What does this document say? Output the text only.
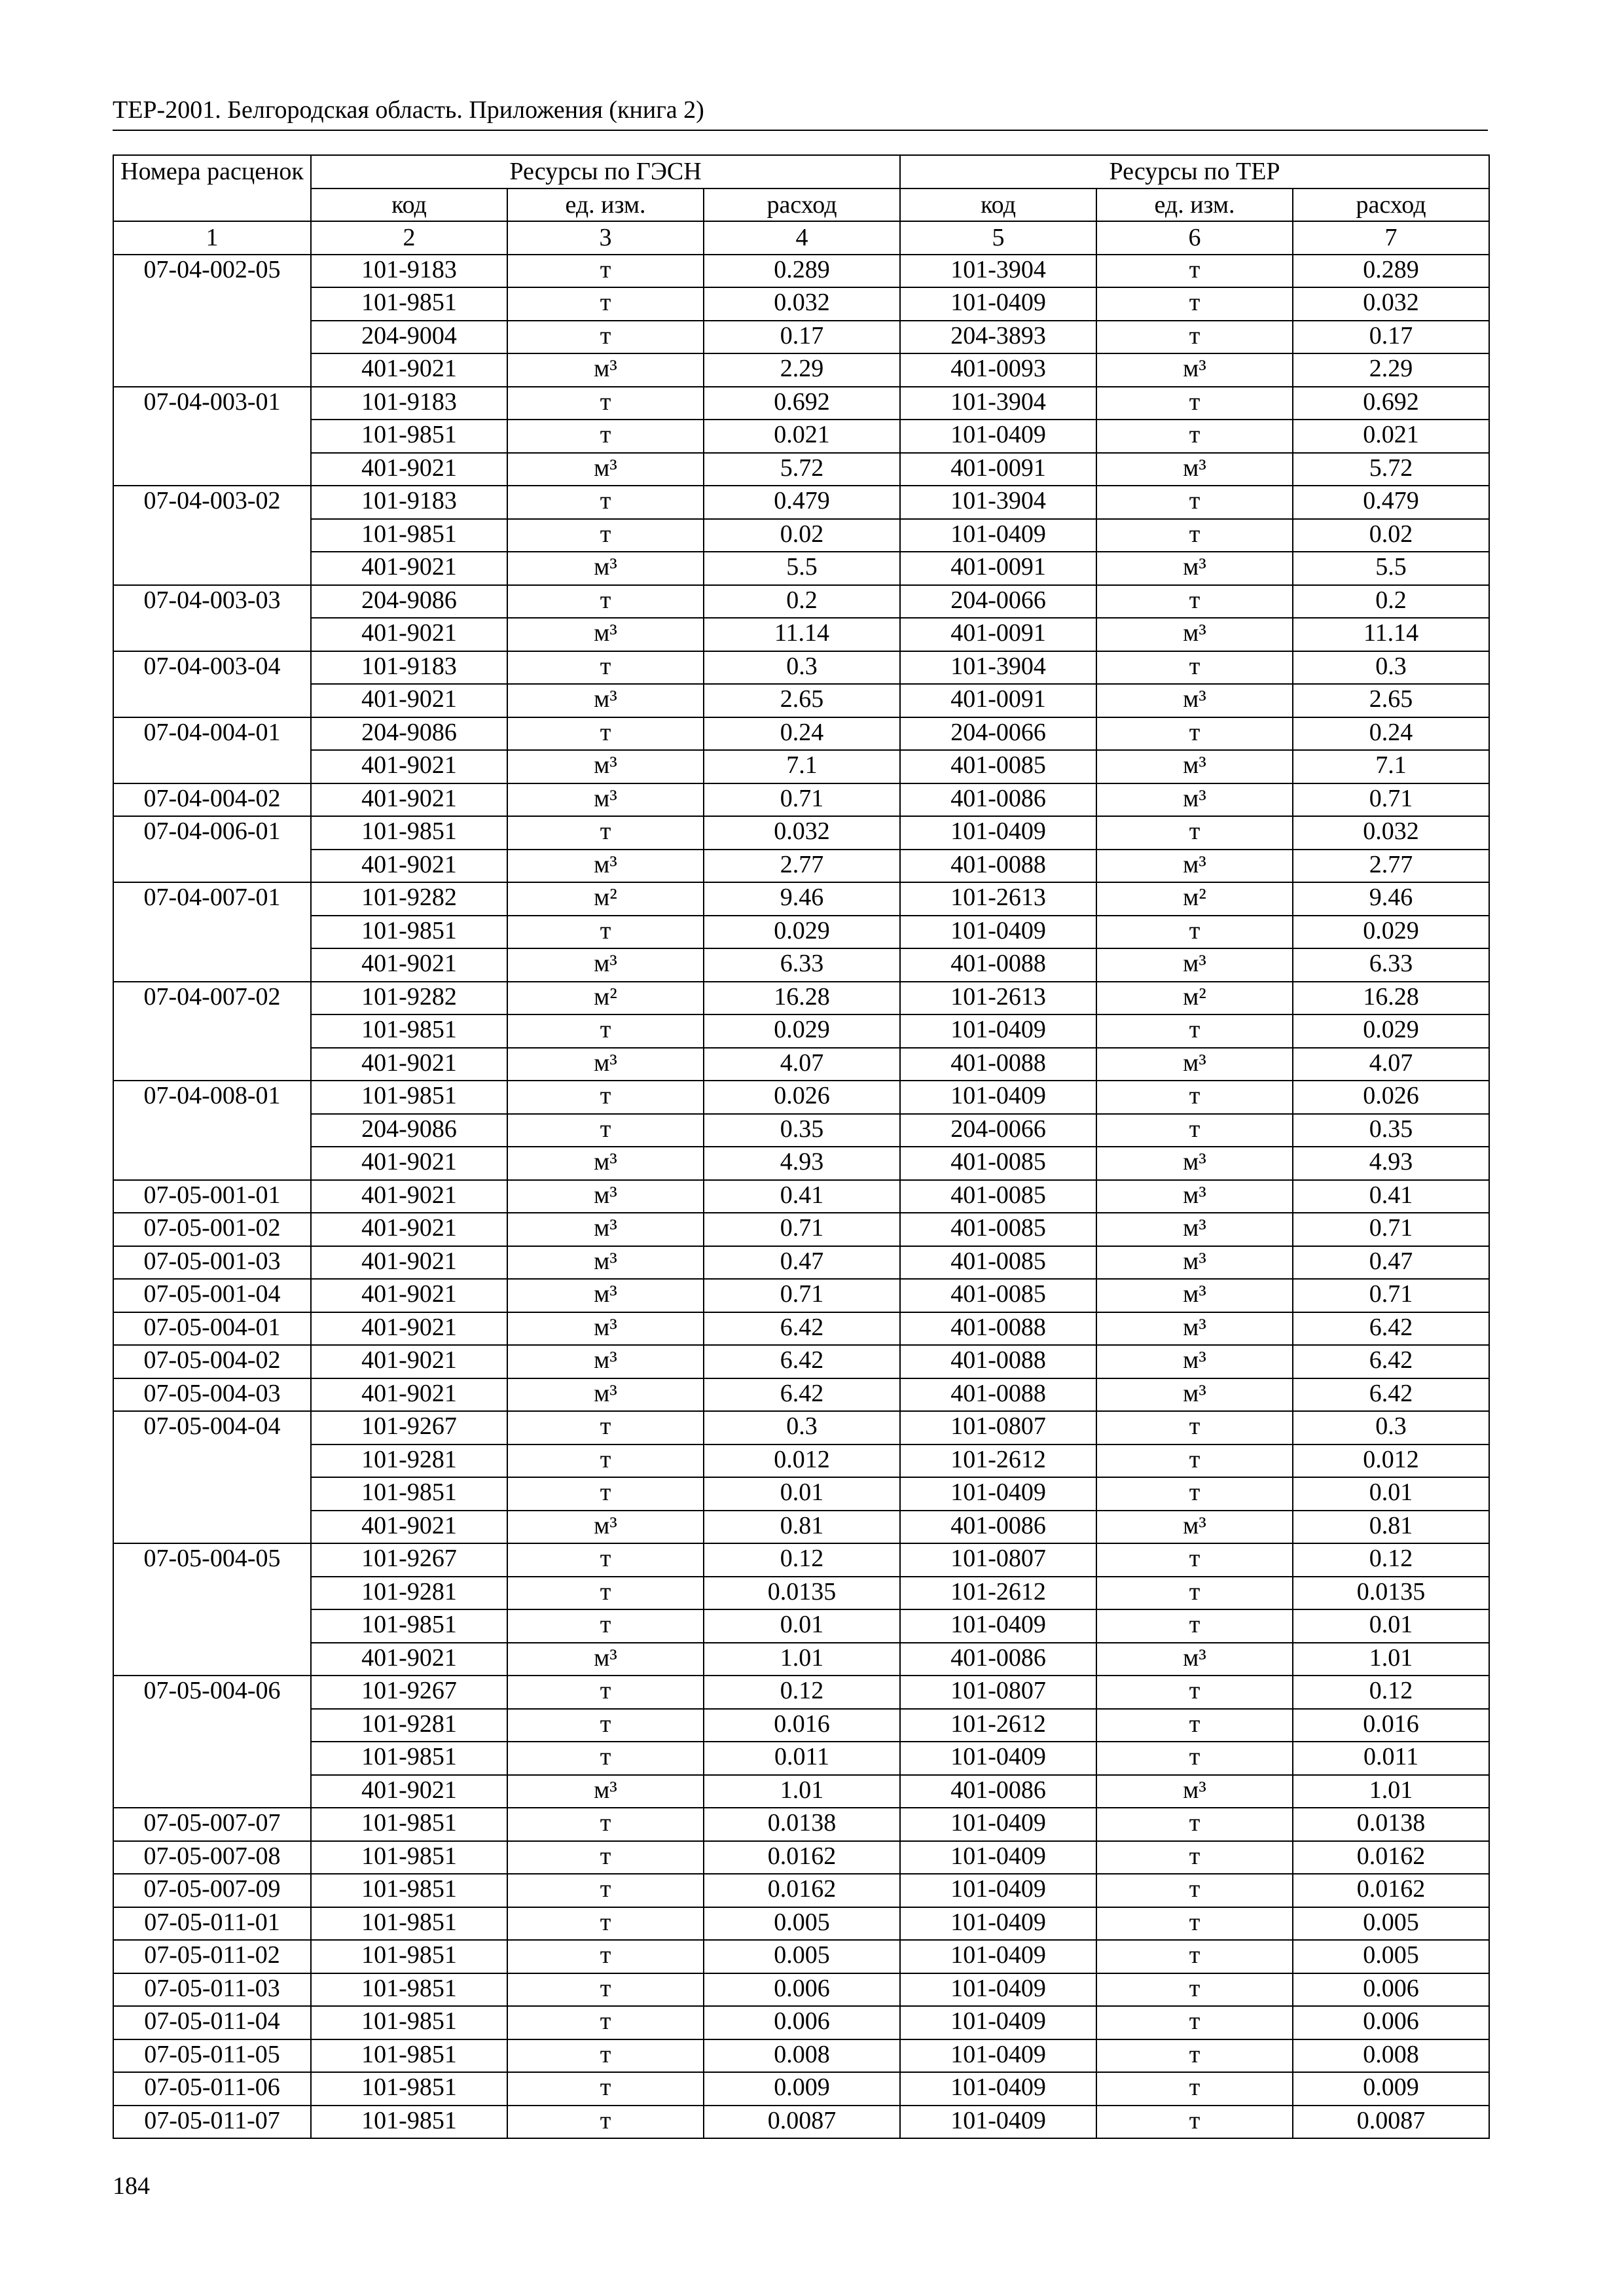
ТЕР-2001. Белгородская область. Приложения (книга 2)
Номера расценок	Ресурсы по ГЭСН			Ресурсы по ТЕР		
	код	ед. изм.	расход	код	ед. изм.	расход
1	2	3	4	5	6	7
07-04-002-05	101-9183	т	0.289	101-3904	т	0.289
	101-9851	т	0.032	101-0409	т	0.032
	204-9004	т	0.17	204-3893	т	0.17
	401-9021	м³	2.29	401-0093	м³	2.29
07-04-003-01	101-9183	т	0.692	101-3904	т	0.692
	101-9851	т	0.021	101-0409	т	0.021
	401-9021	м³	5.72	401-0091	м³	5.72
07-04-003-02	101-9183	т	0.479	101-3904	т	0.479
	101-9851	т	0.02	101-0409	т	0.02
	401-9021	м³	5.5	401-0091	м³	5.5
07-04-003-03	204-9086	т	0.2	204-0066	т	0.2
	401-9021	м³	11.14	401-0091	м³	11.14
07-04-003-04	101-9183	т	0.3	101-3904	т	0.3
	401-9021	м³	2.65	401-0091	м³	2.65
07-04-004-01	204-9086	т	0.24	204-0066	т	0.24
	401-9021	м³	7.1	401-0085	м³	7.1
07-04-004-02	401-9021	м³	0.71	401-0086	м³	0.71
07-04-006-01	101-9851	т	0.032	101-0409	т	0.032
	401-9021	м³	2.77	401-0088	м³	2.77
07-04-007-01	101-9282	м²	9.46	101-2613	м²	9.46
	101-9851	т	0.029	101-0409	т	0.029
	401-9021	м³	6.33	401-0088	м³	6.33
07-04-007-02	101-9282	м²	16.28	101-2613	м²	16.28
	101-9851	т	0.029	101-0409	т	0.029
	401-9021	м³	4.07	401-0088	м³	4.07
07-04-008-01	101-9851	т	0.026	101-0409	т	0.026
	204-9086	т	0.35	204-0066	т	0.35
	401-9021	м³	4.93	401-0085	м³	4.93
07-05-001-01	401-9021	м³	0.41	401-0085	м³	0.41
07-05-001-02	401-9021	м³	0.71	401-0085	м³	0.71
07-05-001-03	401-9021	м³	0.47	401-0085	м³	0.47
07-05-001-04	401-9021	м³	0.71	401-0085	м³	0.71
07-05-004-01	401-9021	м³	6.42	401-0088	м³	6.42
07-05-004-02	401-9021	м³	6.42	401-0088	м³	6.42
07-05-004-03	401-9021	м³	6.42	401-0088	м³	6.42
07-05-004-04	101-9267	т	0.3	101-0807	т	0.3
	101-9281	т	0.012	101-2612	т	0.012
	101-9851	т	0.01	101-0409	т	0.01
	401-9021	м³	0.81	401-0086	м³	0.81
07-05-004-05	101-9267	т	0.12	101-0807	т	0.12
	101-9281	т	0.0135	101-2612	т	0.0135
	101-9851	т	0.01	101-0409	т	0.01
	401-9021	м³	1.01	401-0086	м³	1.01
07-05-004-06	101-9267	т	0.12	101-0807	т	0.12
	101-9281	т	0.016	101-2612	т	0.016
	101-9851	т	0.011	101-0409	т	0.011
	401-9021	м³	1.01	401-0086	м³	1.01
07-05-007-07	101-9851	т	0.0138	101-0409	т	0.0138
07-05-007-08	101-9851	т	0.0162	101-0409	т	0.0162
07-05-007-09	101-9851	т	0.0162	101-0409	т	0.0162
07-05-011-01	101-9851	т	0.005	101-0409	т	0.005
07-05-011-02	101-9851	т	0.005	101-0409	т	0.005
07-05-011-03	101-9851	т	0.006	101-0409	т	0.006
07-05-011-04	101-9851	т	0.006	101-0409	т	0.006
07-05-011-05	101-9851	т	0.008	101-0409	т	0.008
07-05-011-06	101-9851	т	0.009	101-0409	т	0.009
07-05-011-07	101-9851	т	0.0087	101-0409	т	0.0087
184
